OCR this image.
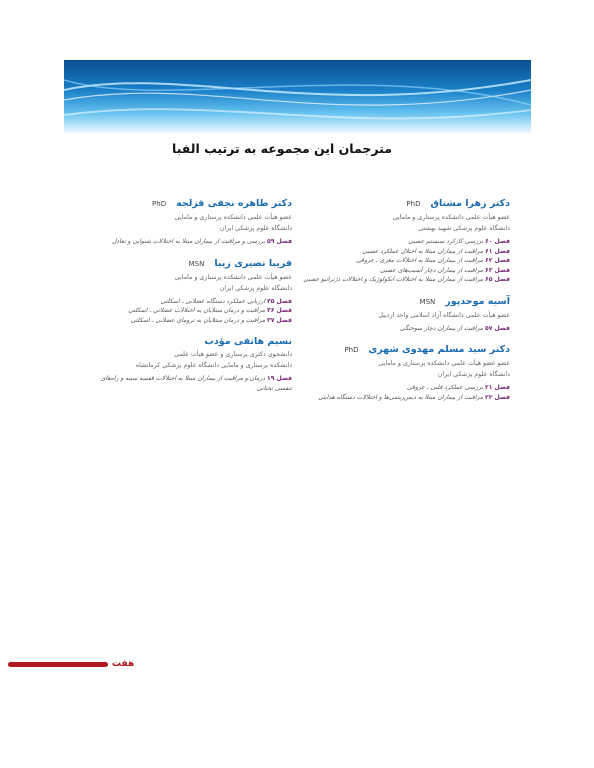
مترجمان این مجموعه به ترتیب الفبا
دکتر زهرا مشتاقPhD
عضو هیأت علمی دانشکده پرستاری و مامایی
دانشگاه علوم پزشکی شهید بهشتی
فصل ۶۰ بررسی کارکرد سیستم عصبی
فصل ۶۱ مراقبت از بیماران مبتلا به اختلال عملکرد عصبی
فصل ۶۲ مراقبت از بیماران مبتلا به اختلالات مغزی ـ عروقی
فصل ۶۳ مراقبت از بیماران دچار آسیب‌های عصبی
فصل ۶۵ مراقبت از بیماران مبتلا به اختلالات انکولوژیک و اختلالات دژنراتیو عصبی
آسیه موحدپورMSN
عضو هیأت علمی دانشگاه آزاد اسلامی واحد اردبیل
فصل ۵۷ مراقبت از بیماران دچار سوختگی
دکتر سید مسلم مهدوی شهریPhD
عضو عضو هیأت علمی دانشکده پرستاری و مامایی
دانشگاه علوم پزشکی ایران
فصل ۲۱ بررسی عملکرد قلبی ـ عروقی
فصل ۲۲ مراقبت از بیماران مبتلا به دیس‌ریتمی‌ها و اختلالات دستگاه هدایتی
دکتر طاهره نجفی قزلجهPhD
عضو هیأت علمی دانشکده پرستاری و مامایی
دانشگاه علوم پزشکی ایران
فصل ۵۹ بررسی و مراقبت از بیماران مبتلا به اختلالات شنوایی و تعادل
فریبا نصیری زیباMSN
عضو هیأت علمی دانشکده پرستاری و مامایی
دانشگاه علوم پزشکی ایران
فصل ۳۵ ارزیابی عملکرد دستگاه عضلانی ـ اسکلتی
فصل ۳۶ مراقبت و درمان مبتلایان به اختلالات عضلانی ـ اسکلتی
فصل ۳۷ مراقبت و درمان مبتلایان به ترومای عضلانی ـ اسکلتی
نسیم هاتفی مؤدب
دانشجوی دکتری پرستاری و عضو هیأت علمی
دانشکده پرستاری و مامایی دانشگاه علوم پزشکی کرمانشاه
فصل ۱۹ درمان و مراقبت از بیماران مبتلا به اختلالات قفسه سینه و راه‌های تنفسی تحتانی
هفت
